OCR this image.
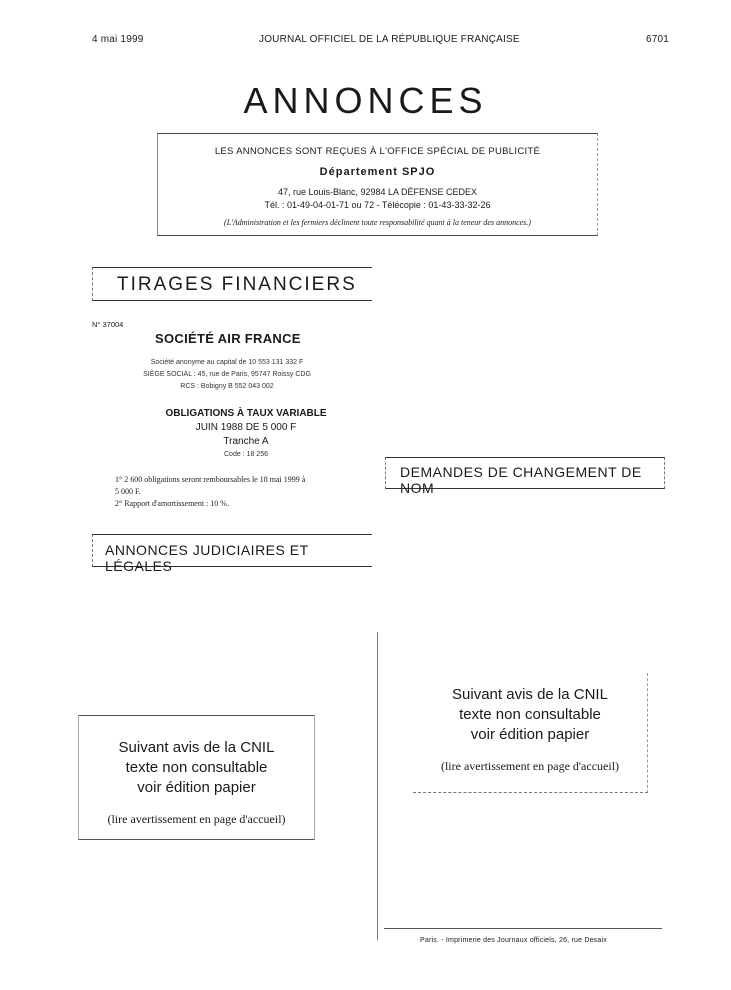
4 mai 1999	JOURNAL OFFICIEL DE LA RÉPUBLIQUE FRANÇAISE	6701
ANNONCES
LES ANNONCES SONT REÇUES À L'OFFICE SPÉCIAL DE PUBLICITÉ
Département SPJO
47, rue Louis-Blanc, 92984 LA DÉFENSE CEDEX
Tél. : 01-49-04-01-71 ou 72 - Télécopie : 01-43-33-32-26
(L'Administration et les fermiers déclinent toute responsabilité quant à la teneur des annonces.)
TIRAGES FINANCIERS
N° 37004
SOCIÉTÉ AIR FRANCE
Société anonyme au capital de 10 553 131 332 F
SIÈGE SOCIAL : 45, rue de Paris, 95747 Roissy CDG
RCS : Bobigny B 552 043 002
OBLIGATIONS À TAUX VARIABLE
JUIN 1988 DE 5 000 F
Tranche A
Code : 18 256
1° 2 600 obligations seront remboursables le 18 mai 1999 à
5 000 F.
2° Rapport d'amortissement : 10 %.
ANNONCES JUDICIAIRES ET LÉGALES
DEMANDES DE CHANGEMENT DE NOM
Suivant avis de la CNIL
texte non consultable
voir édition papier
(lire avertissement en page d'accueil)
Suivant avis de la CNIL
texte non consultable
voir édition papier
(lire avertissement en page d'accueil)
Paris. - Imprimerie des Journaux officiels, 26, rue Desaix
